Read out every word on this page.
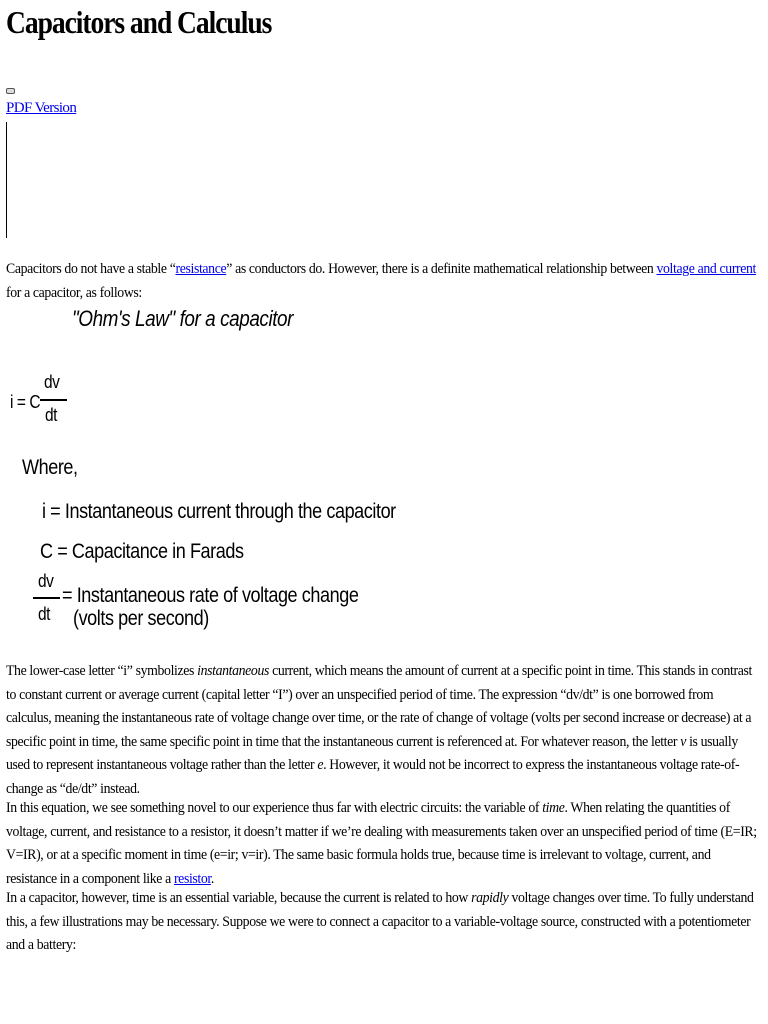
Capacitors and Calculus
PDF Version

Capacitors do not have a stable “resistance” as conductors do. However, there is a definite mathematical relationship between voltage and current for a capacitor, as follows:

"Ohm's Law" for a capacitor
i = C
dv
dt
Where,
i = Instantaneous current through the capacitor
C = Capacitance in Farads
dv
dt
= Instantaneous rate of voltage change
(volts per second)

The lower-case letter “i” symbolizes instantaneous current, which means the amount of current at a specific point in time. This stands in contrast to constant current or average current (capital letter “I”) over an unspecified period of time. The expression “dv/dt” is one borrowed from calculus, meaning the instantaneous rate of voltage change over time, or the rate of change of voltage (volts per second increase or decrease) at a specific point in time, the same specific point in time that the instantaneous current is referenced at. For whatever reason, the letter v is usually used to represent instantaneous voltage rather than the letter e. However, it would not be incorrect to express the instantaneous voltage rate-of-change as “de/dt” instead.

In this equation, we see something novel to our experience thus far with electric circuits: the variable of time. When relating the quantities of voltage, current, and resistance to a resistor, it doesn’t matter if we’re dealing with measurements taken over an unspecified period of time (E=IR; V=IR), or at a specific moment in time (e=ir; v=ir). The same basic formula holds true, because time is irrelevant to voltage, current, and resistance in a component like a resistor.

In a capacitor, however, time is an essential variable, because the current is related to how rapidly voltage changes over time. To fully understand this, a few illustrations may be necessary. Suppose we were to connect a capacitor to a variable-voltage source, constructed with a potentiometer and a battery:
